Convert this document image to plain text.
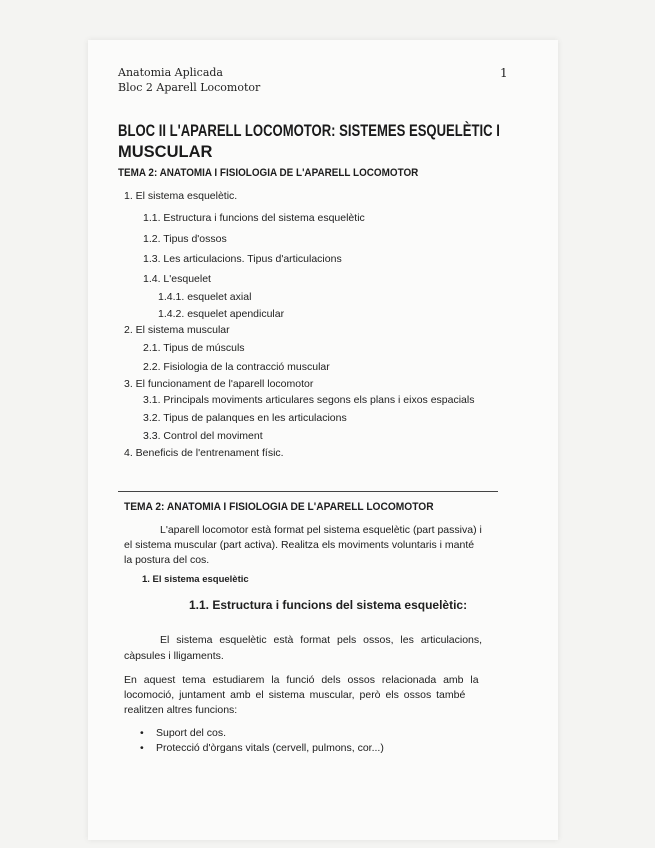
Anatomia Aplicada
Bloc 2 Aparell Locomotor
1
BLOC II L'APARELL LOCOMOTOR: SISTEMES ESQUELÈTIC I
MUSCULAR
TEMA 2: ANATOMIA I FISIOLOGIA DE L'APARELL LOCOMOTOR
1. El sistema esquelètic.
1.1. Estructura i funcions del sistema esquelètic
1.2. Tipus d'ossos
1.3. Les articulacions. Tipus d'articulacions
1.4. L'esquelet
1.4.1. esquelet axial
1.4.2. esquelet apendicular
2. El sistema muscular
2.1. Tipus de músculs
2.2. Fisiologia de la contracció muscular
3. El funcionament de l'aparell locomotor
3.1. Principals moviments articulares segons els plans i eixos espacials
3.2. Tipus de palanques en les articulacions
3.3. Control del moviment
4. Beneficis de l'entrenament físic.
TEMA 2: ANATOMIA I FISIOLOGIA DE L'APARELL LOCOMOTOR
L'aparell locomotor està format pel sistema esquelètic (part passiva) i
el sistema muscular (part activa). Realitza els moviments voluntaris i manté
la postura del cos.
1. El sistema esquelètic
1.1. Estructura i funcions del sistema esquelètic:
El sistema esquelètic està format pels ossos, les articulacions,
càpsules i lligaments.
En aquest tema estudiarem la funció dels ossos relacionada amb la
locomoció, juntament amb el sistema muscular, però els ossos també
realitzen altres funcions:
• Suport del cos.
• Protecció d'òrgans vitals (cervell, pulmons, cor...)
